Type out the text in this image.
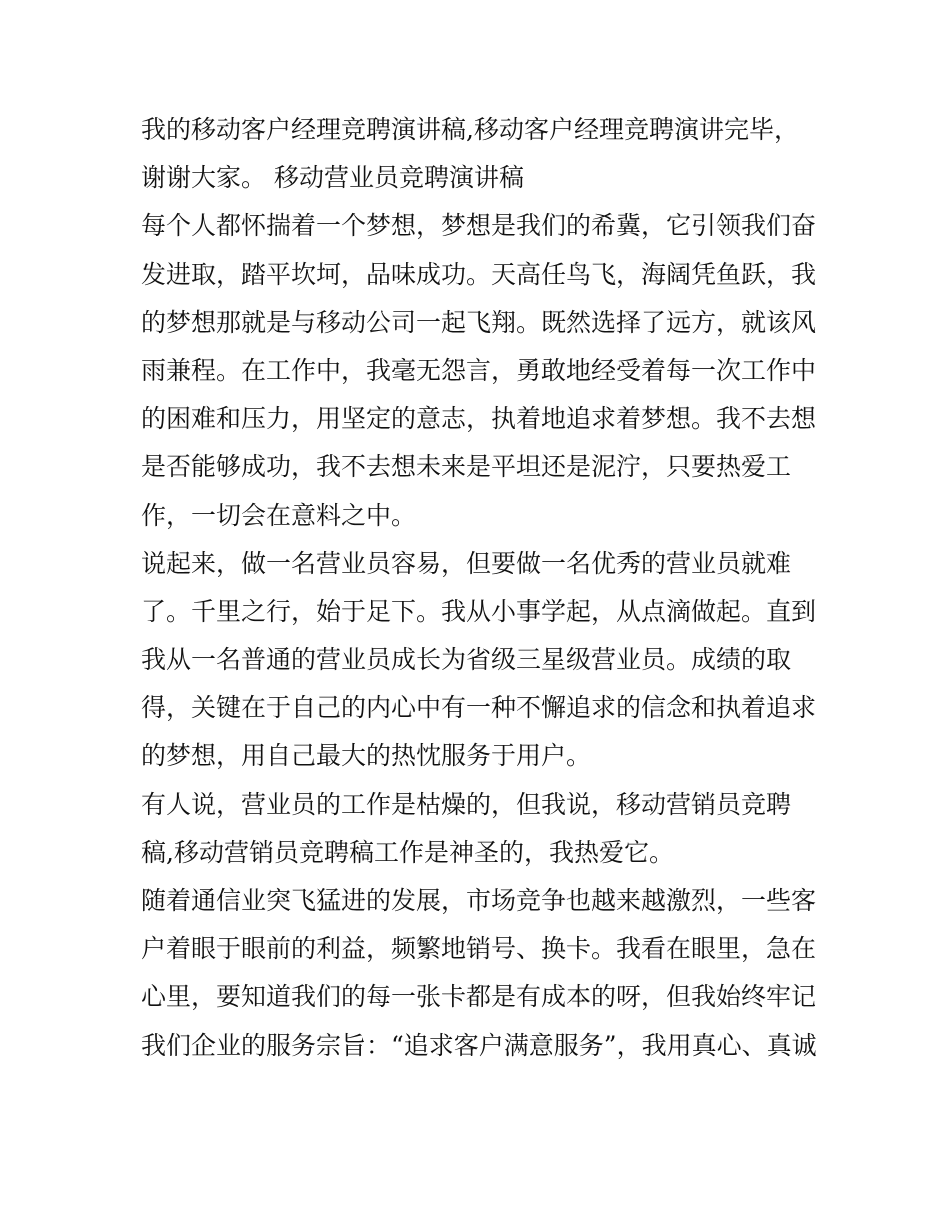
我的移动客户经理竞聘演讲稿,移动客户经理竞聘演讲完毕，
谢谢大家。 移动营业员竞聘演讲稿
每个人都怀揣着一个梦想，梦想是我们的希冀，它引领我们奋
发进取，踏平坎坷，品味成功。天高任鸟飞，海阔凭鱼跃，我
的梦想那就是与移动公司一起飞翔。既然选择了远方，就该风
雨兼程。在工作中，我毫无怨言，勇敢地经受着每一次工作中
的困难和压力，用坚定的意志，执着地追求着梦想。我不去想
是否能够成功，我不去想未来是平坦还是泥泞，只要热爱工
作，一切会在意料之中。
说起来，做一名营业员容易，但要做一名优秀的营业员就难
了。千里之行，始于足下。我从小事学起，从点滴做起。直到
我从一名普通的营业员成长为省级三星级营业员。成绩的取
得，关键在于自己的内心中有一种不懈追求的信念和执着追求
的梦想，用自己最大的热忱服务于用户。
有人说，营业员的工作是枯燥的，但我说，移动营销员竞聘
稿,移动营销员竞聘稿工作是神圣的，我热爱它。
随着通信业突飞猛进的发展，市场竞争也越来越激烈，一些客
户着眼于眼前的利益，频繁地销号、换卡。我看在眼里，急在
心里，要知道我们的每一张卡都是有成本的呀，但我始终牢记
我们企业的服务宗旨：“追求客户满意服务”，我用真心、真诚
